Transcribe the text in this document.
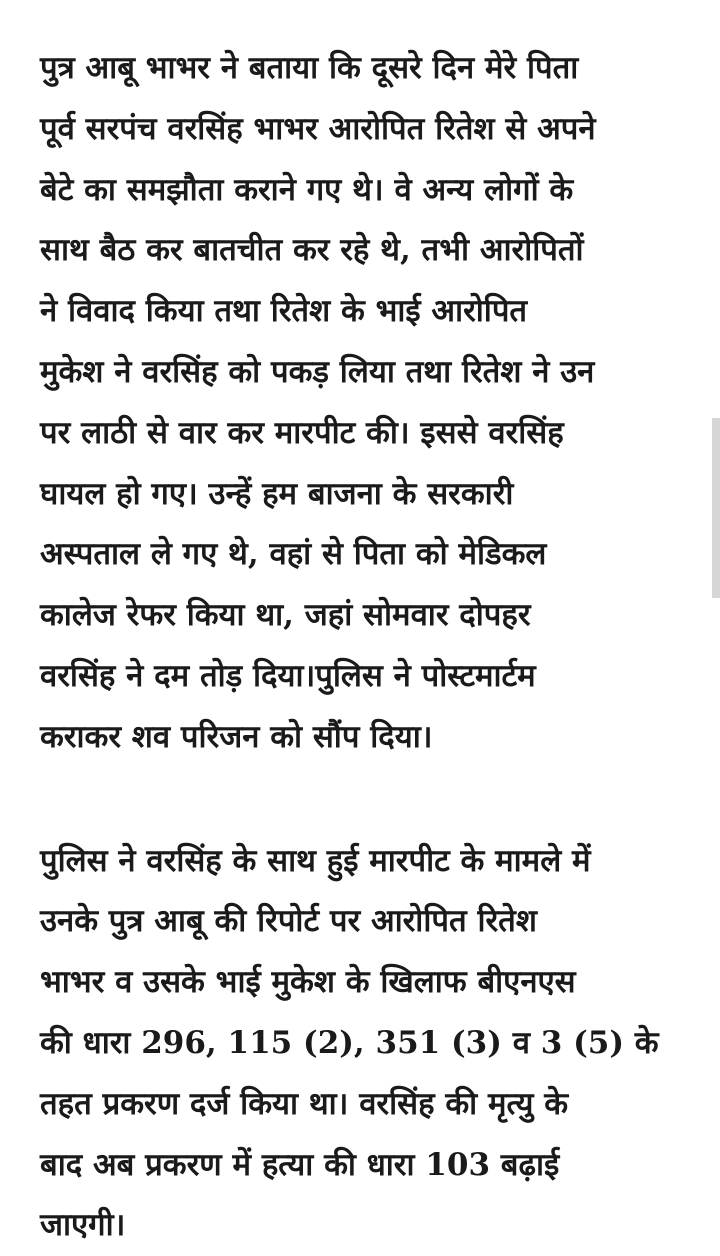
पुत्र आबू भाभर ने बताया कि दूसरे दिन मेरे पिता
पूर्व सरपंच वरसिंह भाभर आरोपित रितेश से अपने
बेटे का समझौता कराने गए थे। वे अन्य लोगों के
साथ बैठ कर बातचीत कर रहे थे, तभी आरोपितों
ने विवाद किया तथा रितेश के भाई आरोपित
मुकेश ने वरसिंह को पकड़ लिया तथा रितेश ने उन
पर लाठी से वार कर मारपीट की। इससे वरसिंह
घायल हो गए। उन्हें हम बाजना के सरकारी
अस्पताल ले गए थे, वहां से पिता को मेडिकल
कालेज रेफर किया था, जहां सोमवार दोपहर
वरसिंह ने दम तोड़ दिया।पुलिस ने पोस्टमार्टम
कराकर शव परिजन को सौंप दिया।
पुलिस ने वरसिंह के साथ हुई मारपीट के मामले में
उनके पुत्र आबू की रिपोर्ट पर आरोपित रितेश
भाभर व उसके भाई मुकेश के खिलाफ बीएनएस
की धारा 296, 115 (2), 351 (3) व 3 (5) के
तहत प्रकरण दर्ज किया था। वरसिंह की मृत्यु के
बाद अब प्रकरण में हत्या की धारा 103 बढ़ाई
जाएगी।
